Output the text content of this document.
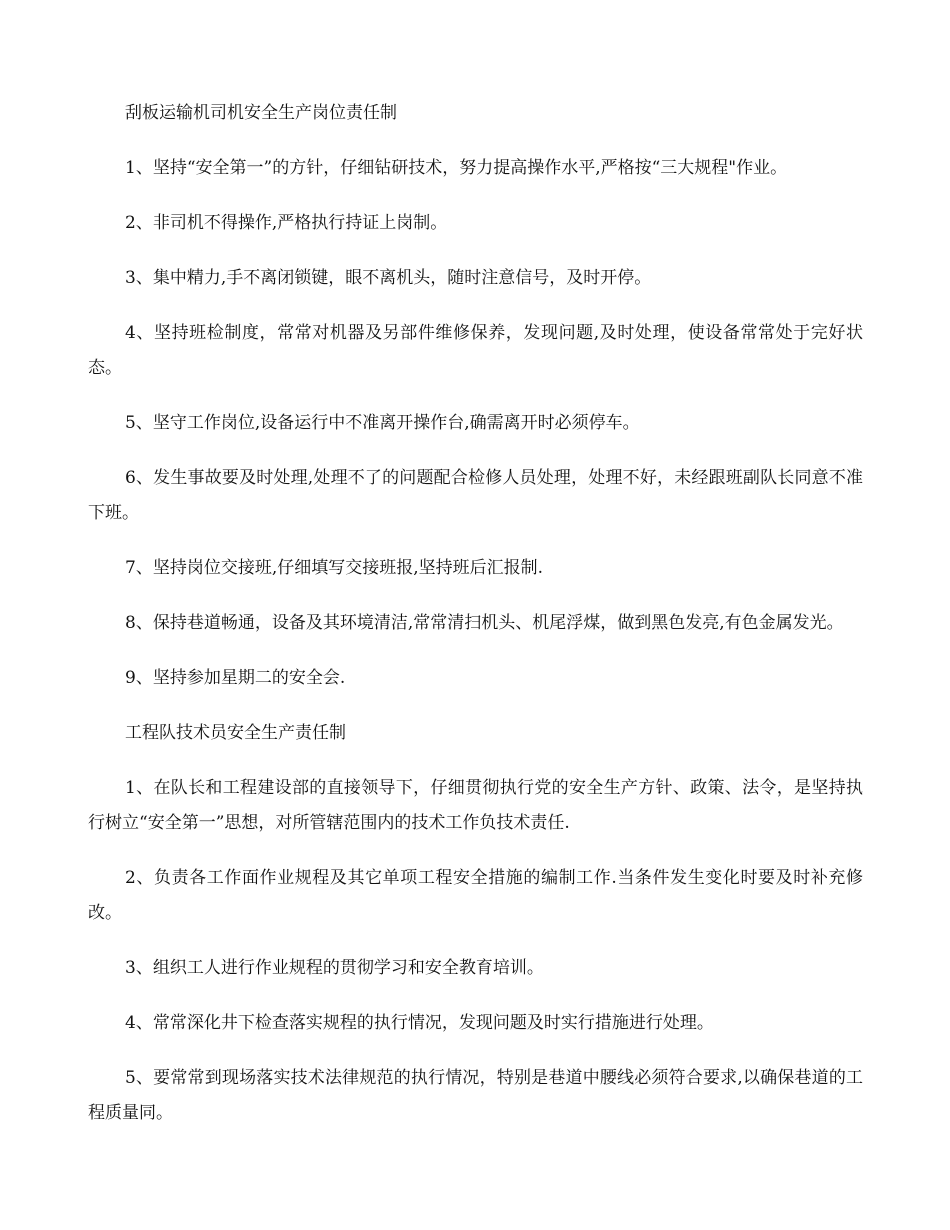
刮板运输机司机安全生产岗位责任制

1、坚持“安全第一”的方针，仔细钻研技术，努力提高操作水平,严格按“三大规程"作业。

2、非司机不得操作,严格执行持证上岗制。

3、集中精力,手不离闭锁键，眼不离机头，随时注意信号，及时开停。

4、坚持班检制度，常常对机器及另部件维修保养，发现问题,及时处理，使设备常常处于完好状态。

5、坚守工作岗位,设备运行中不准离开操作台,确需离开时必须停车。

6、发生事故要及时处理,处理不了的问题配合检修人员处理，处理不好，未经跟班副队长同意不准下班。

7、坚持岗位交接班,仔细填写交接班报,坚持班后汇报制.

8、保持巷道畅通，设备及其环境清洁,常常清扫机头、机尾浮煤，做到黑色发亮,有色金属发光。

9、坚持参加星期二的安全会.

工程队技术员安全生产责任制

1、在队长和工程建设部的直接领导下，仔细贯彻执行党的安全生产方针、政策、法令，是坚持执行树立“安全第一”思想，对所管辖范围内的技术工作负技术责任.

2、负责各工作面作业规程及其它单项工程安全措施的编制工作.当条件发生变化时要及时补充修改。

3、组织工人进行作业规程的贯彻学习和安全教育培训。

4、常常深化井下检查落实规程的执行情况，发现问题及时实行措施进行处理。

5、要常常到现场落实技术法律规范的执行情况，特别是巷道中腰线必须符合要求,以确保巷道的工程质量同。
